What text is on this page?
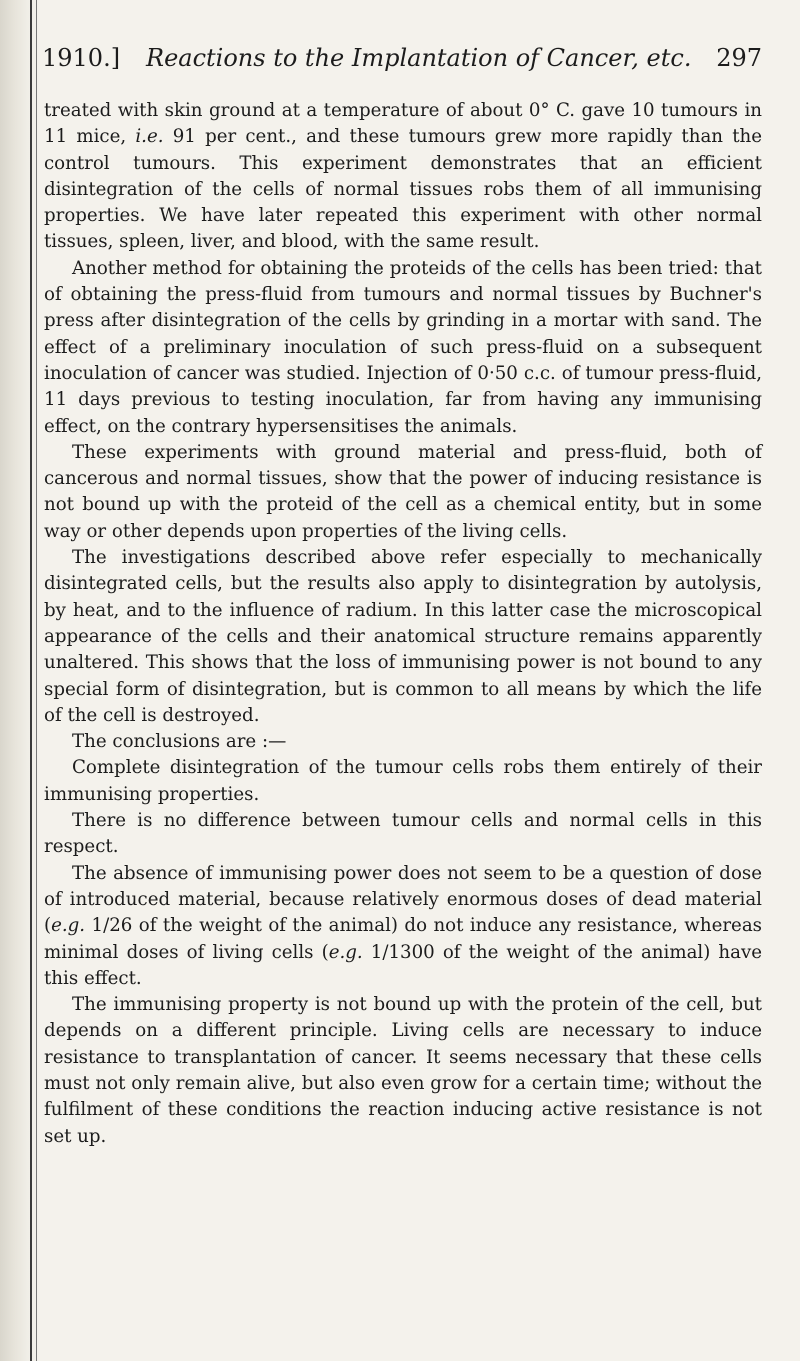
1910.] Reactions to the Implantation of Cancer, etc. 297

treated with skin ground at a temperature of about 0° C. gave 10 tumours in 11 mice, i.e. 91 per cent., and these tumours grew more rapidly than the control tumours. This experiment demonstrates that an efficient disintegration of the cells of normal tissues robs them of all immunising properties. We have later repeated this experiment with other normal tissues, spleen, liver, and blood, with the same result.

Another method for obtaining the proteids of the cells has been tried: that of obtaining the press-fluid from tumours and normal tissues by Buchner's press after disintegration of the cells by grinding in a mortar with sand. The effect of a preliminary inoculation of such press-fluid on a subsequent inoculation of cancer was studied. Injection of 0·50 c.c. of tumour press-fluid, 11 days previous to testing inoculation, far from having any immunising effect, on the contrary hypersensitises the animals.

These experiments with ground material and press-fluid, both of cancerous and normal tissues, show that the power of inducing resistance is not bound up with the proteid of the cell as a chemical entity, but in some way or other depends upon properties of the living cells.

The investigations described above refer especially to mechanically disintegrated cells, but the results also apply to disintegration by autolysis, by heat, and to the influence of radium. In this latter case the microscopical appearance of the cells and their anatomical structure remains apparently unaltered. This shows that the loss of immunising power is not bound to any special form of disintegration, but is common to all means by which the life of the cell is destroyed.

The conclusions are :—

Complete disintegration of the tumour cells robs them entirely of their immunising properties.

There is no difference between tumour cells and normal cells in this respect.

The absence of immunising power does not seem to be a question of dose of introduced material, because relatively enormous doses of dead material (e.g. 1/26 of the weight of the animal) do not induce any resistance, whereas minimal doses of living cells (e.g. 1/1300 of the weight of the animal) have this effect.

The immunising property is not bound up with the protein of the cell, but depends on a different principle. Living cells are necessary to induce resistance to transplantation of cancer. It seems necessary that these cells must not only remain alive, but also even grow for a certain time; without the fulfilment of these conditions the reaction inducing active resistance is not set up.
